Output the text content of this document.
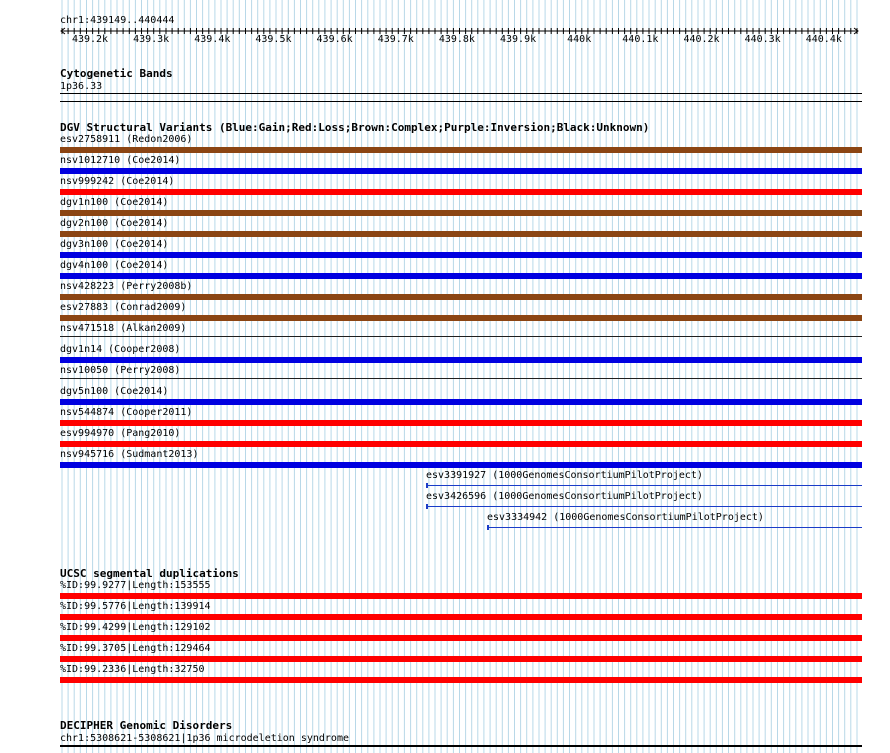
chr1:439149..440444
439.2k	439.3k	439.4k	439.5k	439.6k	439.7k	439.8k	439.9k	440k	440.1k	440.2k	440.3k	440.4k
Cytogenetic Bands
1p36.33
DGV Structural Variants (Blue:Gain;Red:Loss;Brown:Complex;Purple:Inversion;Black:Unknown)
esv2758911 (Redon2006)
nsv1012710 (Coe2014)
nsv999242 (Coe2014)
dgv1n100 (Coe2014)
dgv2n100 (Coe2014)
dgv3n100 (Coe2014)
dgv4n100 (Coe2014)
nsv428223 (Perry2008b)
esv27883 (Conrad2009)
nsv471518 (Alkan2009)
dgv1n14 (Cooper2008)
nsv10050 (Perry2008)
dgv5n100 (Coe2014)
nsv544874 (Cooper2011)
esv994970 (Pang2010)
nsv945716 (Sudmant2013)
esv3391927 (1000GenomesConsortiumPilotProject)
esv3426596 (1000GenomesConsortiumPilotProject)
esv3334942 (1000GenomesConsortiumPilotProject)
UCSC segmental duplications
%ID:99.9277|Length:153555
%ID:99.5776|Length:139914
%ID:99.4299|Length:129102
%ID:99.3705|Length:129464
%ID:99.2336|Length:32750
DECIPHER Genomic Disorders
chr1:5308621-5308621|1p36 microdeletion syndrome
